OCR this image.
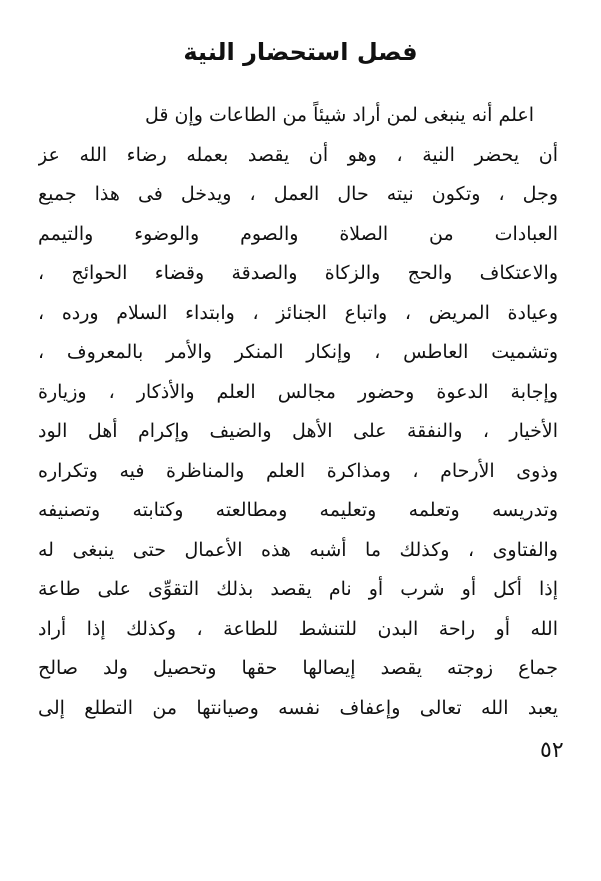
فصل استحضار النية
اعلم أنه ينبغى لمن أراد شيئاً من الطاعات وإن قل
أن يحضر النية ، وهو أن يقصد بعمله رضاء الله عز
وجل ، وتكون نيته حال العمل ، ويدخل فى هذا جميع
العبادات من الصلاة والصوم والوضوء والتيمم
والاعتكاف والحج والزكاة والصدقة وقضاء الحوائج ،
وعيادة المريض ، واتباع الجنائز ، وابتداء السلام ورده ،
وتشميت العاطس ، وإنكار المنكر والأمر بالمعروف ،
وإجابة الدعوة وحضور مجالس العلم والأذكار ، وزيارة
الأخيار ، والنفقة على الأهل والضيف وإكرام أهل الود
وذوى الأرحام ، ومذاكرة العلم والمناظرة فيه وتكراره
وتدريسه وتعلمه وتعليمه ومطالعته وكتابته وتصنيفه
والفتاوى ، وكذلك ما أشبه هذه الأعمال حتى ينبغى له
إذا أكل أو شرب أو نام يقصد بذلك التقوِّى على طاعة
الله أو راحة البدن للتنشط للطاعة ، وكذلك إذا أراد
جماع زوجته يقصد إيصالها حقها وتحصيل ولد صالح
يعبد الله تعالى وإعفاف نفسه وصيانتها من التطلع إلى
٥٢
